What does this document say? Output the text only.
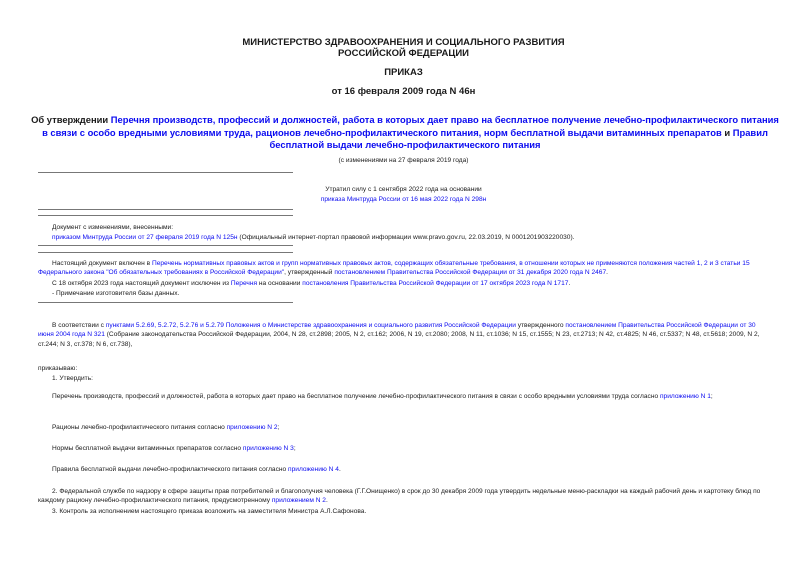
МИНИСТЕРСТВО ЗДРАВООХРАНЕНИЯ И СОЦИАЛЬНОГО РАЗВИТИЯ
РОССИЙСКОЙ ФЕДЕРАЦИИ
ПРИКАЗ
от 16 февраля 2009 года N 46н
Об утверждении Перечня производств, профессий и должностей, работа в которых дает право на бесплатное получение лечебно-профилактического питания в связи с особо вредными условиями труда, рационов лечебно-профилактического питания, норм бесплатной выдачи витаминных препаратов и Правил бесплатной выдачи лечебно-профилактического питания
(с изменениями на 27 февраля 2019 года)
Утратил силу с 1 сентября 2022 года на основании
приказа Минтруда России от 16 мая 2022 года N 298н
Документ с изменениями, внесенными:
приказом Минтруда России от 27 февраля 2019 года N 125н (Официальный интернет-портал правовой информации www.pravo.gov.ru, 22.03.2019, N 0001201903220030).
Настоящий документ включен в Перечень нормативных правовых актов и групп нормативных правовых актов, содержащих обязательные требования, в отношении которых не применяются положения частей 1, 2 и 3 статьи 15 Федерального закона "Об обязательных требованиях в Российской Федерации", утвержденный постановлением Правительства Российской Федерации от 31 декабря 2020 года N 2467.
С 18 октября 2023 года настоящий документ исключен из Перечня на основании постановления Правительства Российской Федерации от 17 октября 2023 года N 1717.
- Примечание изготовителя базы данных.
В соответствии с пунктами 5.2.69, 5.2.72, 5.2.76 и 5.2.79 Положения о Министерстве здравоохранения и социального развития Российской Федерации утвержденного постановлением Правительства Российской Федерации от 30 июня 2004 года N 321 (Собрание законодательства Российской Федерации, 2004, N 28, ст.2898; 2005, N 2, ст.162; 2006, N 19, ст.2080; 2008, N 11, ст.1036; N 15, ст.1555; N 23, ст.2713; N 42, ст.4825; N 46, ст.5337; N 48, ст.5618; 2009, N 2, ст.244; N 3, ст.378; N 6, ст.738),
приказываю:
1. Утвердить:
Перечень производств, профессий и должностей, работа в которых дает право на бесплатное получение лечебно-профилактического питания в связи с особо вредными условиями труда согласно приложению N 1;
Рационы лечебно-профилактического питания согласно приложению N 2;
Нормы бесплатной выдачи витаминных препаратов согласно приложению N 3;
Правила бесплатной выдачи лечебно-профилактического питания согласно приложению N 4.
2. Федеральной службе по надзору в сфере защиты прав потребителей и благополучия человека (Г.Г.Онищенко) в срок до 30 декабря 2009 года утвердить недельные меню-раскладки на каждый рабочий день и картотеку блюд по каждому рациону лечебно-профилактического питания, предусмотренному приложением N 2.
3. Контроль за исполнением настоящего приказа возложить на заместителя Министра А.Л.Сафонова.
